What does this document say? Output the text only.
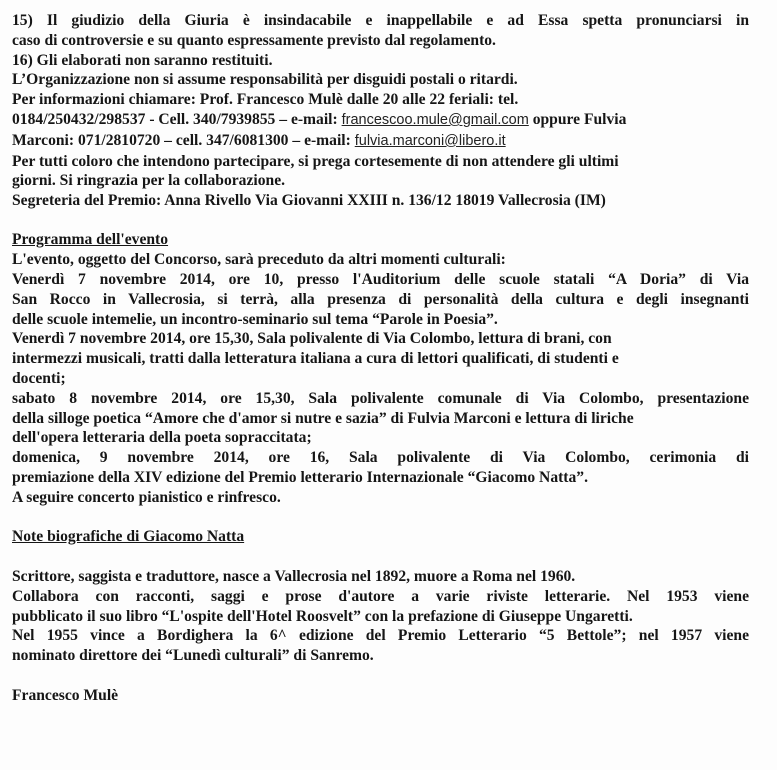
15) Il giudizio della Giuria è insindacabile e inappellabile e ad Essa spetta pronunciarsi in

caso di controversie e su quanto espressamente previsto dal regolamento.

16) Gli elaborati non saranno restituiti.

L’Organizzazione non si assume responsabilità per disguidi postali o ritardi.

Per informazioni chiamare: Prof. Francesco Mulè dalle 20 alle 22 feriali: tel.

0184/250432/298537 - Cell. 340/7939855 – e-mail: francescoo.mule@gmail.com oppure Fulvia

Marconi: 071/2810720 – cell. 347/6081300 – e-mail: fulvia.marconi@libero.it

Per tutti coloro che intendono partecipare, si prega cortesemente di non attendere gli ultimi

giorni. Si ringrazia per la collaborazione.

Segreteria del Premio: Anna Rivello Via Giovanni XXIII n. 136/12 18019 Vallecrosia (IM)

Programma dell'evento

L'evento, oggetto del Concorso, sarà preceduto da altri momenti culturali:

Venerdì 7 novembre 2014, ore 10, presso l'Auditorium delle scuole statali “A Doria” di Via

San Rocco in Vallecrosia, si terrà, alla presenza di personalità della cultura e degli insegnanti

delle scuole intemelie, un incontro-seminario sul tema “Parole in Poesia”.

Venerdì 7 novembre 2014, ore 15,30, Sala polivalente di Via Colombo, lettura di brani, con

intermezzi musicali, tratti dalla letteratura italiana a cura di lettori qualificati, di studenti e

docenti;

sabato 8 novembre 2014, ore 15,30, Sala polivalente comunale di Via Colombo, presentazione

della silloge poetica “Amore che d'amor si nutre e sazia” di Fulvia Marconi e lettura di liriche

dell'opera letteraria della poeta sopraccitata;

domenica, 9 novembre 2014, ore 16, Sala polivalente di Via Colombo, cerimonia di

premiazione della XIV edizione del Premio letterario Internazionale “Giacomo Natta”.

A seguire concerto pianistico e rinfresco.

Note biografiche di Giacomo Natta

Scrittore, saggista e traduttore, nasce a Vallecrosia nel 1892, muore a Roma nel 1960.

Collabora con racconti, saggi e prose d'autore a varie riviste letterarie. Nel 1953 viene

pubblicato il suo libro “L'ospite dell'Hotel Roosvelt” con la prefazione di Giuseppe Ungaretti.

Nel 1955 vince a Bordighera la 6^ edizione del Premio Letterario “5 Bettole”; nel 1957 viene

nominato direttore dei “Lunedì culturali” di Sanremo.

Francesco Mulè
